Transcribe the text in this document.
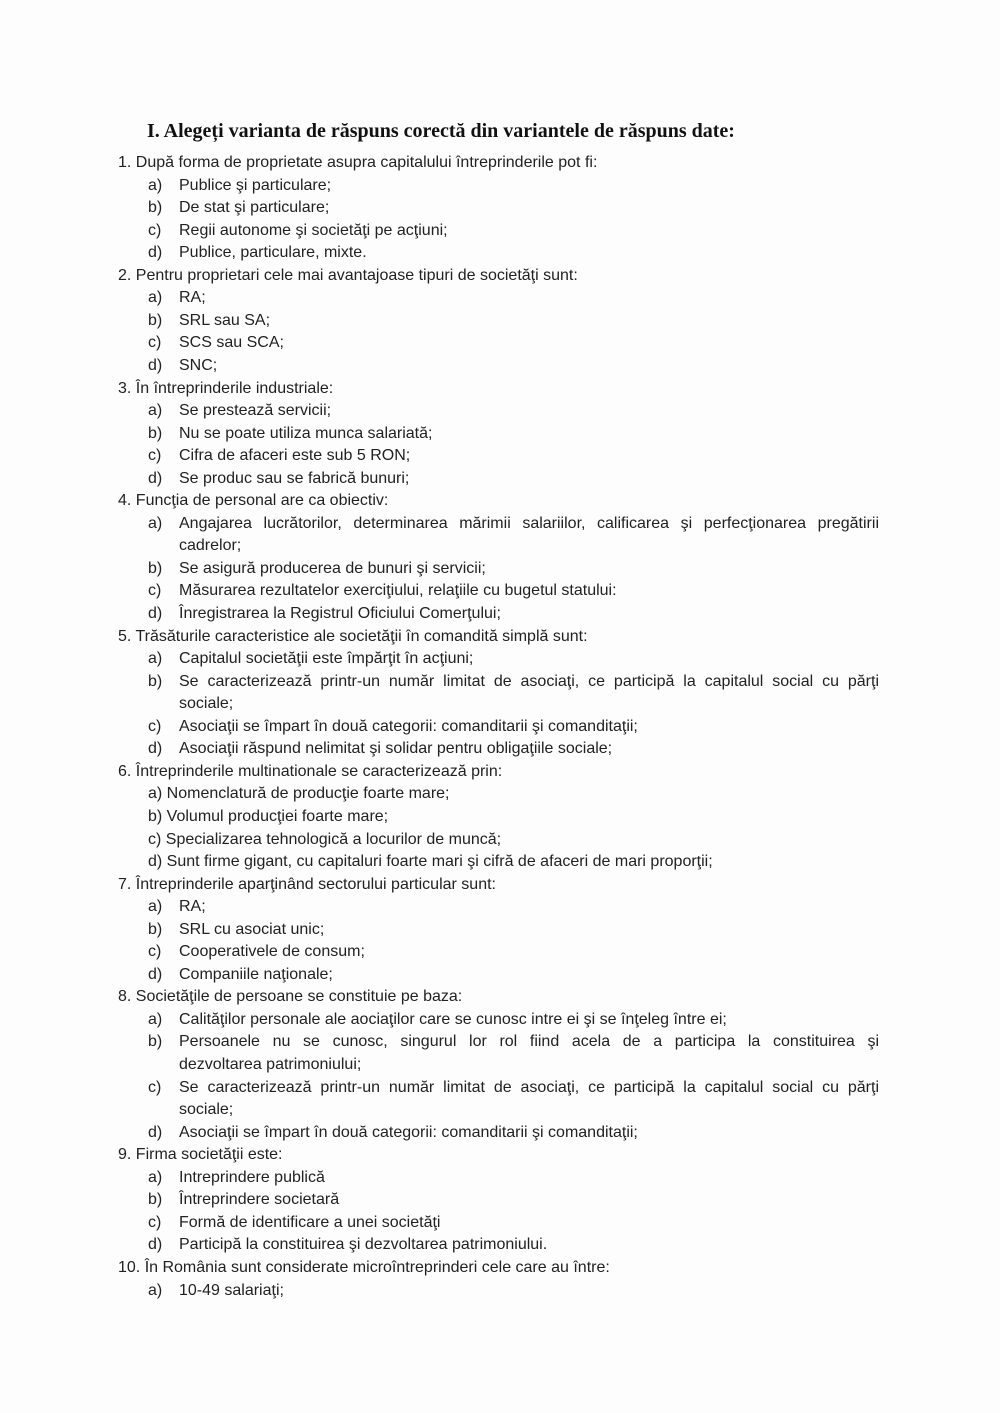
I. Alegeți varianta de răspuns corectă din variantele de răspuns date:
1. După forma de proprietate asupra capitalului întreprinderile pot fi:
a) Publice şi particulare;
b) De stat şi particulare;
c) Regii autonome şi societăţi pe acţiuni;
d) Publice, particulare, mixte.
2. Pentru proprietari cele mai avantajoase tipuri de societăţi sunt:
a) RA;
b) SRL sau SA;
c) SCS sau SCA;
d) SNC;
3. În întreprinderile industriale:
a) Se prestează servicii;
b) Nu se poate utiliza munca salariată;
c) Cifra de afaceri este sub 5 RON;
d) Se produc sau se fabrică bunuri;
4. Funcţia de personal are ca obiectiv:
a) Angajarea lucrătorilor, determinarea mărimii salariilor, calificarea şi perfecţionarea pregătirii
cadrelor;
b) Se asigură producerea de bunuri şi servicii;
c) Măsurarea rezultatelor exerciţiului, relaţiile cu bugetul statului:
d) Înregistrarea la Registrul Oficiului Comerţului;
5. Trăsăturile caracteristice ale societăţii în comandită simplă sunt:
a) Capitalul societăţii este împărţit în acţiuni;
b) Se caracterizează printr-un număr limitat de asociaţi, ce participă la capitalul social cu părţi
sociale;
c) Asociaţii se împart în două categorii: comanditarii şi comanditaţii;
d) Asociaţii răspund nelimitat şi solidar pentru obligaţiile sociale;
6. Întreprinderile multinationale se caracterizează prin:
a) Nomenclatură de producţie foarte mare;
b) Volumul producţiei foarte mare;
c) Specializarea tehnologică a locurilor de muncă;
d) Sunt firme gigant, cu capitaluri foarte mari şi cifră de afaceri de mari proporţii;
7. Întreprinderile aparţinând sectorului particular sunt:
a) RA;
b) SRL cu asociat unic;
c) Cooperativele de consum;
d) Companiile naţionale;
8. Societăţile de persoane se constituie pe baza:
a) Calităţilor personale ale aociaţilor care se cunosc intre ei şi se înţeleg între ei;
b) Persoanele nu se cunosc, singurul lor rol fiind acela de a participa la constituirea şi
dezvoltarea patrimoniului;
c) Se caracterizează printr-un număr limitat de asociaţi, ce participă la capitalul social cu părţi
sociale;
d) Asociaţii se împart în două categorii: comanditarii şi comanditaţii;
9. Firma societăţii este:
a) Intreprindere publică
b) Întreprindere societară
c) Formă de identificare a unei societăţi
d) Participă la constituirea şi dezvoltarea patrimoniului.
10. În România sunt considerate microîntreprinderi cele care au între:
a) 10-49 salariaţi;
